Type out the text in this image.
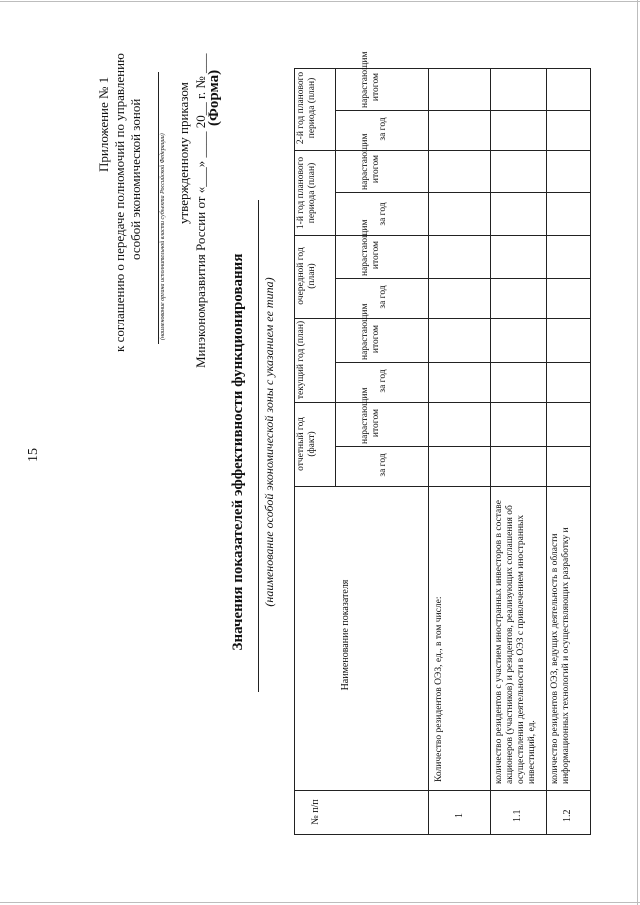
15
Приложение № 1 к соглашению о передаче полномочий по управлению особой экономической зоной	(наименование органа исполнительной власти субъекта Российской Федерации) утвержденному приказом Минэкономразвития России от «___» ____ 20__ г. № ___
(Форма)
Значения показателей эффективности функционирования (наименование особой экономической зоны с указанием ее типа)
№ п/п
Наименование показателя
отчетный год (факт)
текущий год (план)
очередной год (план)
1-й год планового периода (план)
2-й год планового периода (план)
за год
за год
за год
за год
за год
нарастающим итогом
нарастающим итогом
нарастающим итогом
нарастающим итогом
нарастающим итогом
1
Количество резидентов ОЭЗ, ед., в том числе:
1.1
количество резидентов с участием иностранных инвесторов в составе акционеров (участников) и резидентов, реализующих соглашения об осуществлении деятельности в ОЭЗ с привлечением иностранных инвестиций, ед.
1.2
количество резидентов ОЭЗ, ведущих деятельность в области информационных технологий и осуществляющих разработку и
